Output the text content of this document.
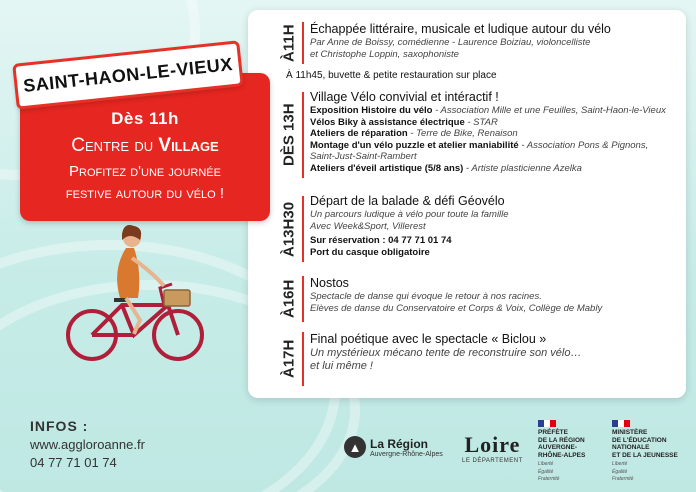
SAINT-HAON-LE-VIEUX
Dès 11h
Centre du Village
Profitez d'une journée
festive autour du vélo !
À11H Échappée littéraire, musicale et ludique autour du vélo
Par Anne de Boissy, comédienne - Laurence Boiziau, violoncelliste
et Christophe Loppin, saxophoniste
À 11h45, buvette & petite restauration sur place
DÈS 13H
Village Vélo convivial et intéractif !
Exposition Histoire du vélo - Association Mille et une Feuilles, Saint-Haon-le-Vieux
Vélos Biky à assistance électrique - STAR
Ateliers de réparation - Terre de Bike, Renaison
Montage d'un vélo puzzle et atelier maniabilité - Association Pons & Pignons,
Saint-Just-Saint-Rambert
Ateliers d'éveil artistique (5/8 ans) - Artiste plasticienne Azelka
À13H30
Départ de la balade & défi Géovélo
Un parcours ludique à vélo pour toute la famille
Avec Week&Sport, Villerest
Sur réservation : 04 77 71 01 74
Port du casque obligatoire
À16H Nostos
Spectacle de danse qui évoque le retour à nos racines.
Elèves de danse du Conservatoire et Corps & Voix, Collège de Mably
À17H
Final poétique avec le spectacle « Biclou »
Un mystérieux mécano tente de reconstruire son vélo…
et lui même !
INFOS :
www.aggloroanne.fr
04 77 71 01 74
▲ La Région
Auvergne-Rhône-Alpes Loire
LE DÉPARTEMENT
PRÉFÈTE
DE LA RÉGION
AUVERGNE-
RHÔNE-ALPES
Liberté
Égalité
Fraternité
MINISTÈRE
DE L'ÉDUCATION
NATIONALE
ET DE LA JEUNESSE
Liberté
Égalité
Fraternité
